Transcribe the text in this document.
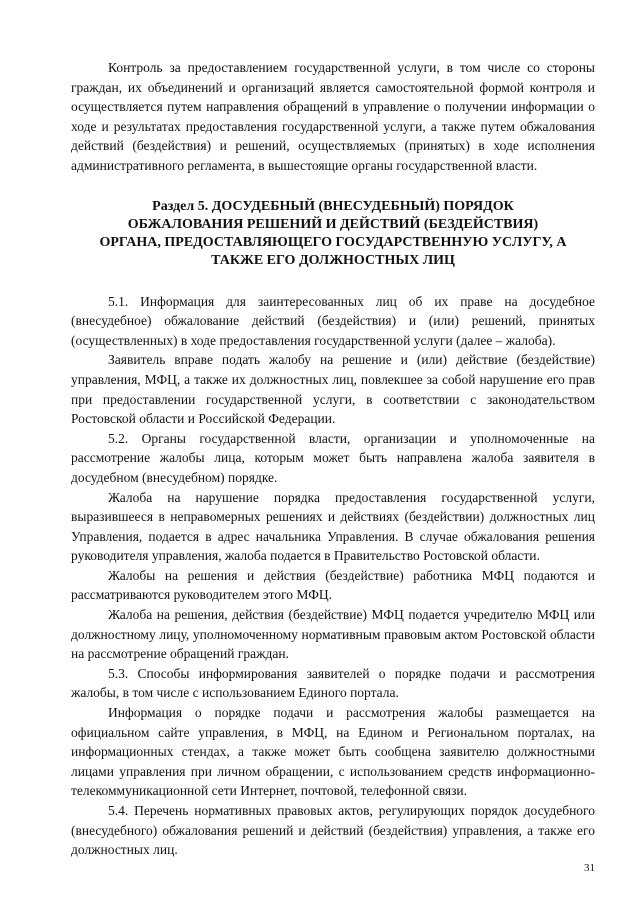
Контроль за предоставлением государственной услуги, в том числе со стороны граждан, их объединений и организаций является самостоятельной формой контроля и осуществляется путем направления обращений в управление о получении информации о ходе и результатах предоставления государственной услуги, а также путем обжалования действий (бездействия) и решений, осуществляемых (принятых) в ходе исполнения административного регламента, в вышестоящие органы государственной власти.

Раздел 5. ДОСУДЕБНЫЙ (ВНЕСУДЕБНЫЙ) ПОРЯДОК
ОБЖАЛОВАНИЯ РЕШЕНИЙ И ДЕЙСТВИЙ (БЕЗДЕЙСТВИЯ)
ОРГАНА, ПРЕДОСТАВЛЯЮЩЕГО ГОСУДАРСТВЕННУЮ УСЛУГУ, А
ТАКЖЕ ЕГО ДОЛЖНОСТНЫХ ЛИЦ

5.1. Информация для заинтересованных лиц об их праве на досудебное (внесудебное) обжалование действий (бездействия) и (или) решений, принятых (осуществленных) в ходе предоставления государственной услуги (далее – жалоба).

Заявитель вправе подать жалобу на решение и (или) действие (бездействие) управления, МФЦ, а также их должностных лиц, повлекшее за собой нарушение его прав при предоставлении государственной услуги, в соответствии с законодательством Ростовской области и Российской Федерации.

5.2. Органы государственной власти, организации и уполномоченные на рассмотрение жалобы лица, которым может быть направлена жалоба заявителя в досудебном (внесудебном) порядке.

Жалоба на нарушение порядка предоставления государственной услуги, выразившееся в неправомерных решениях и действиях (бездействии) должностных лиц Управления, подается в адрес начальника Управления. В случае обжалования решения руководителя управления, жалоба подается в Правительство Ростовской области.

Жалобы на решения и действия (бездействие) работника МФЦ подаются и рассматриваются руководителем этого МФЦ.

Жалоба на решения, действия (бездействие) МФЦ подается учредителю МФЦ или должностному лицу, уполномоченному нормативным правовым актом Ростовской области на рассмотрение обращений граждан.

5.3. Способы информирования заявителей о порядке подачи и рассмотрения жалобы, в том числе с использованием Единого портала.

Информация о порядке подачи и рассмотрения жалобы размещается на официальном сайте управления, в МФЦ, на Едином и Региональном порталах, на информационных стендах, а также может быть сообщена заявителю должностными лицами управления при личном обращении, с использованием средств информационно-телекоммуникационной сети Интернет, почтовой, телефонной связи.

5.4. Перечень нормативных правовых актов, регулирующих порядок досудебного (внесудебного) обжалования решений и действий (бездействия) управления, а также его должностных лиц.

31
